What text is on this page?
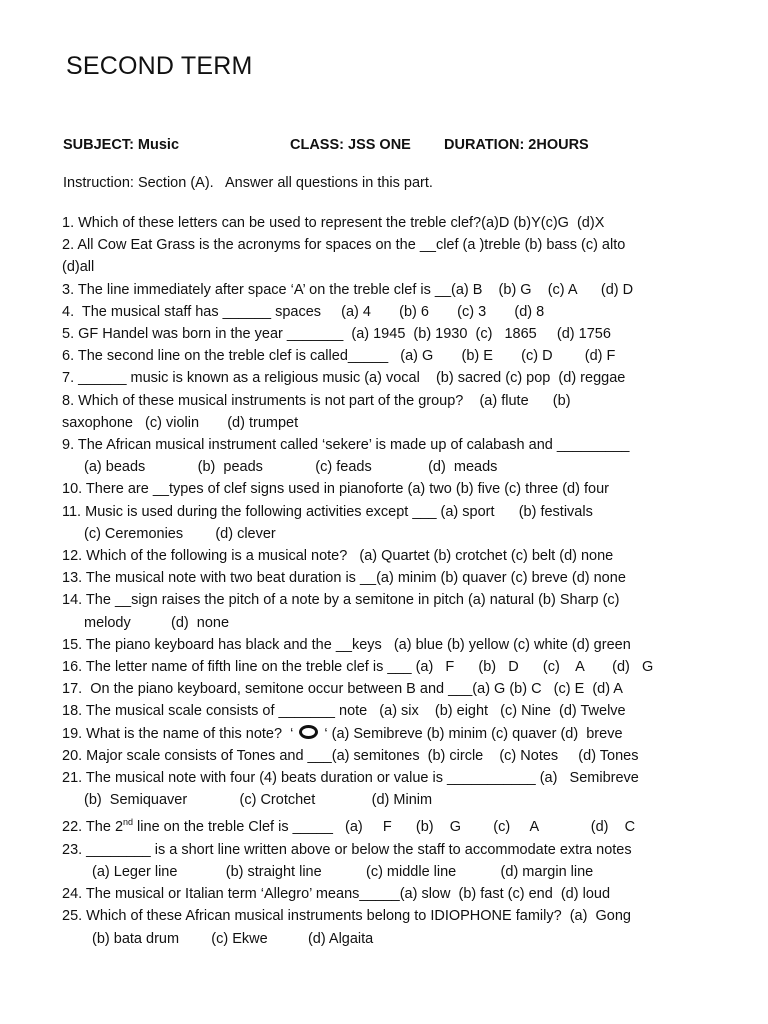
SECOND TERM
SUBJECT: Music	CLASS: JSS ONE DURATION: 2HOURS
Instruction: Section (A).   Answer all questions in this part.
1. Which of these letters can be used to represent the treble clef?(a)D (b)Y(c)G  (d)X
2. All Cow Eat Grass is the acronyms for spaces on the __clef (a )treble (b) bass (c) alto
(d)all
3. The line immediately after space ‘A’ on the treble clef is __(a) B    (b) G    (c) A      (d) D
4.  The musical staff has ______ spaces     (a) 4       (b) 6       (c) 3       (d) 8
5. GF Handel was born in the year _______  (a) 1945  (b) 1930  (c)   1865     (d) 1756
6. The second line on the treble clef is called_____   (a) G       (b) E       (c) D        (d) F
7. ______ music is known as a religious music (a) vocal    (b) sacred (c) pop  (d) reggae
8. Which of these musical instruments is not part of the group?    (a) flute      (b)
saxophone   (c) violin       (d) trumpet
9. The African musical instrument called ‘sekere’ is made up of calabash and _________
(a) beads             (b)  peads             (c) feads              (d)  meads
10. There are __types of clef signs used in pianoforte (a) two (b) five (c) three (d) four
11. Music is used during the following activities except ___ (a) sport      (b) festivals
(c) Ceremonies        (d) clever
12. Which of the following is a musical note?   (a) Quartet (b) crotchet (c) belt (d) none
13. The musical note with two beat duration is __(a) minim (b) quaver (c) breve (d) none
14. The __sign raises the pitch of a note by a semitone in pitch (a) natural (b) Sharp (c)
melody          (d)  none
15. The piano keyboard has black and the __keys   (a) blue (b) yellow (c) white (d) green
16. The letter name of fifth line on the treble clef is ___ (a)   F      (b)   D      (c)    A       (d)   G
17.  On the piano keyboard, semitone occur between B and ___(a) G (b) C   (c) E  (d) A
18. The musical scale consists of _______ note   (a) six    (b) eight   (c) Nine  (d) Twelve
19. What is the name of this note?  ‘  ‘ (a) Semibreve (b) minim (c) quaver (d)  breve
20. Major scale consists of Tones and ___(a) semitones  (b) circle    (c) Notes     (d) Tones
21. The musical note with four (4) beats duration or value is ___________ (a)   Semibreve
(b)  Semiquaver             (c) Crotchet              (d) Minim
22. The 2nd line on the treble Clef is _____   (a)     F      (b)    G        (c)     A             (d)    C
23. ________ is a short line written above or below the staff to accommodate extra notes
(a) Leger line            (b) straight line           (c) middle line           (d) margin line
24. The musical or Italian term ‘Allegro’ means_____(a) slow  (b) fast (c) end  (d) loud
25. Which of these African musical instruments belong to IDIOPHONE family?  (a)  Gong
(b) bata drum        (c) Ekwe          (d) Algaita
